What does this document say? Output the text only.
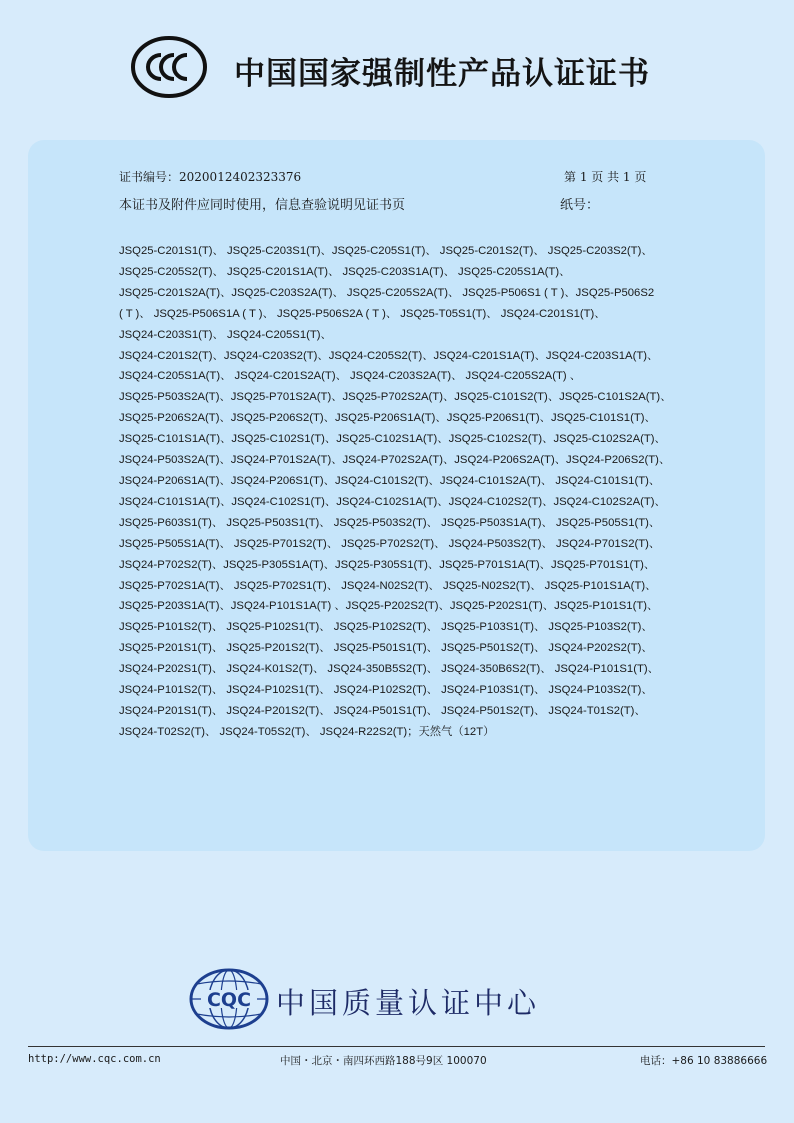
中国国家强制性产品认证证书
证书编号：2020012402323376	第 1 页 共 1 页
本证书及附件应同时使用，信息查验说明见证书页	纸号：
JSQ25-C201S1(T)、 JSQ25-C203S1(T)、JSQ25-C205S1(T)、 JSQ25-C201S2(T)、 JSQ25-C203S2(T)、
JSQ25-C205S2(T)、 JSQ25-C201S1A(T)、 JSQ25-C203S1A(T)、 JSQ25-C205S1A(T)、
JSQ25-C201S2A(T)、JSQ25-C203S2A(T)、 JSQ25-C205S2A(T)、 JSQ25-P506S1 ( T )、JSQ25-P506S2
( T )、 JSQ25-P506S1A ( T )、 JSQ25-P506S2A ( T )、 JSQ25-T05S1(T)、 JSQ24-C201S1(T)、
JSQ24-C203S1(T)、 JSQ24-C205S1(T)、
JSQ24-C201S2(T)、JSQ24-C203S2(T)、JSQ24-C205S2(T)、JSQ24-C201S1A(T)、JSQ24-C203S1A(T)、
JSQ24-C205S1A(T)、 JSQ24-C201S2A(T)、 JSQ24-C203S2A(T)、 JSQ24-C205S2A(T) 、
JSQ25-P503S2A(T)、JSQ25-P701S2A(T)、JSQ25-P702S2A(T)、JSQ25-C101S2(T)、JSQ25-C101S2A(T)、
JSQ25-P206S2A(T)、JSQ25-P206S2(T)、JSQ25-P206S1A(T)、JSQ25-P206S1(T)、JSQ25-C101S1(T)、
JSQ25-C101S1A(T)、JSQ25-C102S1(T)、JSQ25-C102S1A(T)、JSQ25-C102S2(T)、JSQ25-C102S2A(T)、
JSQ24-P503S2A(T)、JSQ24-P701S2A(T)、JSQ24-P702S2A(T)、JSQ24-P206S2A(T)、JSQ24-P206S2(T)、
JSQ24-P206S1A(T)、JSQ24-P206S1(T)、JSQ24-C101S2(T)、JSQ24-C101S2A(T)、 JSQ24-C101S1(T)、
JSQ24-C101S1A(T)、JSQ24-C102S1(T)、JSQ24-C102S1A(T)、JSQ24-C102S2(T)、JSQ24-C102S2A(T)、
JSQ25-P603S1(T)、 JSQ25-P503S1(T)、 JSQ25-P503S2(T)、 JSQ25-P503S1A(T)、 JSQ25-P505S1(T)、
JSQ25-P505S1A(T)、 JSQ25-P701S2(T)、 JSQ25-P702S2(T)、 JSQ24-P503S2(T)、 JSQ24-P701S2(T)、
JSQ24-P702S2(T)、JSQ25-P305S1A(T)、JSQ25-P305S1(T)、JSQ25-P701S1A(T)、JSQ25-P701S1(T)、
JSQ25-P702S1A(T)、 JSQ25-P702S1(T)、 JSQ24-N02S2(T)、 JSQ25-N02S2(T)、 JSQ25-P101S1A(T)、
JSQ25-P203S1A(T)、JSQ24-P101S1A(T) 、JSQ25-P202S2(T)、JSQ25-P202S1(T)、JSQ25-P101S1(T)、
JSQ25-P101S2(T)、 JSQ25-P102S1(T)、 JSQ25-P102S2(T)、 JSQ25-P103S1(T)、 JSQ25-P103S2(T)、
JSQ25-P201S1(T)、 JSQ25-P201S2(T)、 JSQ25-P501S1(T)、 JSQ25-P501S2(T)、 JSQ24-P202S2(T)、
JSQ24-P202S1(T)、 JSQ24-K01S2(T)、 JSQ24-350B5S2(T)、 JSQ24-350B6S2(T)、 JSQ24-P101S1(T)、
JSQ24-P101S2(T)、 JSQ24-P102S1(T)、 JSQ24-P102S2(T)、 JSQ24-P103S1(T)、 JSQ24-P103S2(T)、
JSQ24-P201S1(T)、 JSQ24-P201S2(T)、 JSQ24-P501S1(T)、 JSQ24-P501S2(T)、 JSQ24-T01S2(T)、
JSQ24-T02S2(T)、 JSQ24-T05S2(T)、 JSQ24-R22S2(T)；天然气（12T）
CQC 中国质量认证中心
http://www.cqc.com.cn	中国・北京・南四环西路188号9区 100070	电话：+86 10 83886666
